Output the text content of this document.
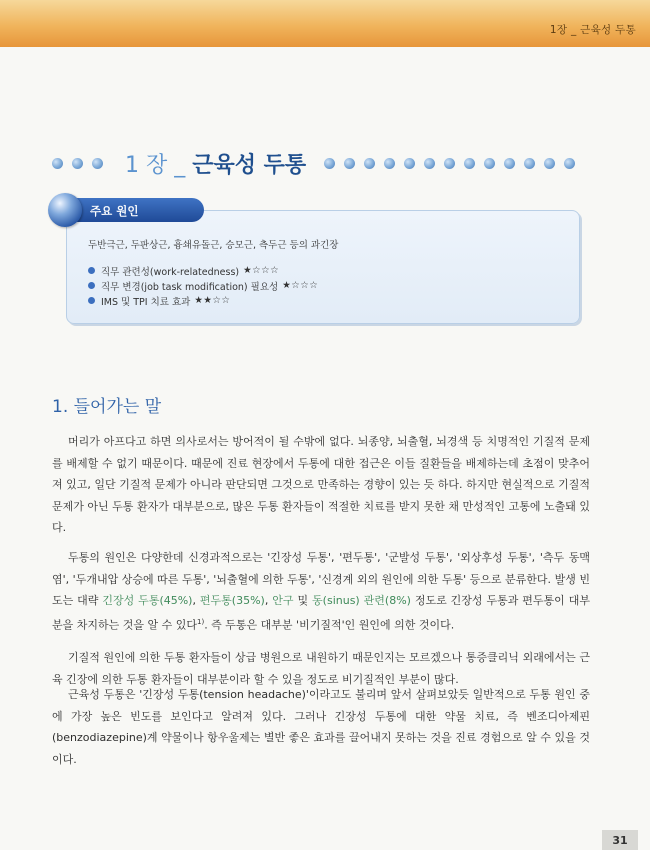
1장 _ 근육성 두통
1 장 _ 근육성 두통
주요 원인
두반극근, 두판상근, 흉쇄유돌근, 승모근, 측두근 등의 과긴장
직무 관련성(work-relatedness) ★☆☆☆
직무 변경(job task modification) 필요성 ★☆☆☆
IMS 및 TPI 치료 효과 ★★☆☆
1. 들어가는 말

머리가 아프다고 하면 의사로서는 방어적이 될 수밖에 없다. 뇌종양, 뇌출혈, 뇌경색 등 치명적인 기질적 문제를 배제할 수 없기 때문이다. 때문에 진료 현장에서 두통에 대한 접근은 이들 질환들을 배제하는데 초점이 맞추어져 있고, 일단 기질적 문제가 아니라 판단되면 그것으로 만족하는 경향이 있는 듯 하다. 하지만 현실적으로 기질적 문제가 아닌 두통 환자가 대부분으로, 많은 두통 환자들이 적절한 치료를 받지 못한 채 만성적인 고통에 노출돼 있다.

두통의 원인은 다양한데 신경과적으로는 '긴장성 두통', '편두통', '군발성 두통', '외상후성 두통', '측두 동맥염', '두개내압 상승에 따른 두통', '뇌출혈에 의한 두통', '신경계 외의 원인에 의한 두통' 등으로 분류한다. 발생 빈도는 대략 긴장성 두통(45%), 편두통(35%), 안구 및 동(sinus) 관련(8%) 정도로 긴장성 두통과 편두통이 대부분을 차지하는 것을 알 수 있다$^{1)}$. 즉 두통은 대부분 '비기질적'인 원인에 의한 것이다.

기질적 원인에 의한 두통 환자들이 상급 병원으로 내원하기 때문인지는 모르겠으나 통증클리닉 외래에서는 근육 긴장에 의한 두통 환자들이 대부분이라 할 수 있을 정도로 비기질적인 부분이 많다.

근육성 두통은 '긴장성 두통(tension headache)'이라고도 불리며 앞서 살펴보았듯 일반적으로 두통 원인 중에 가장 높은 빈도를 보인다고 알려져 있다. 그러나 긴장성 두통에 대한 약물 치료, 즉 벤조디아제핀(benzodiazepine)계 약물이나 항우울제는 별반 좋은 효과를 끌어내지 못하는 것을 진료 경험으로 알 수 있을 것이다.

31
